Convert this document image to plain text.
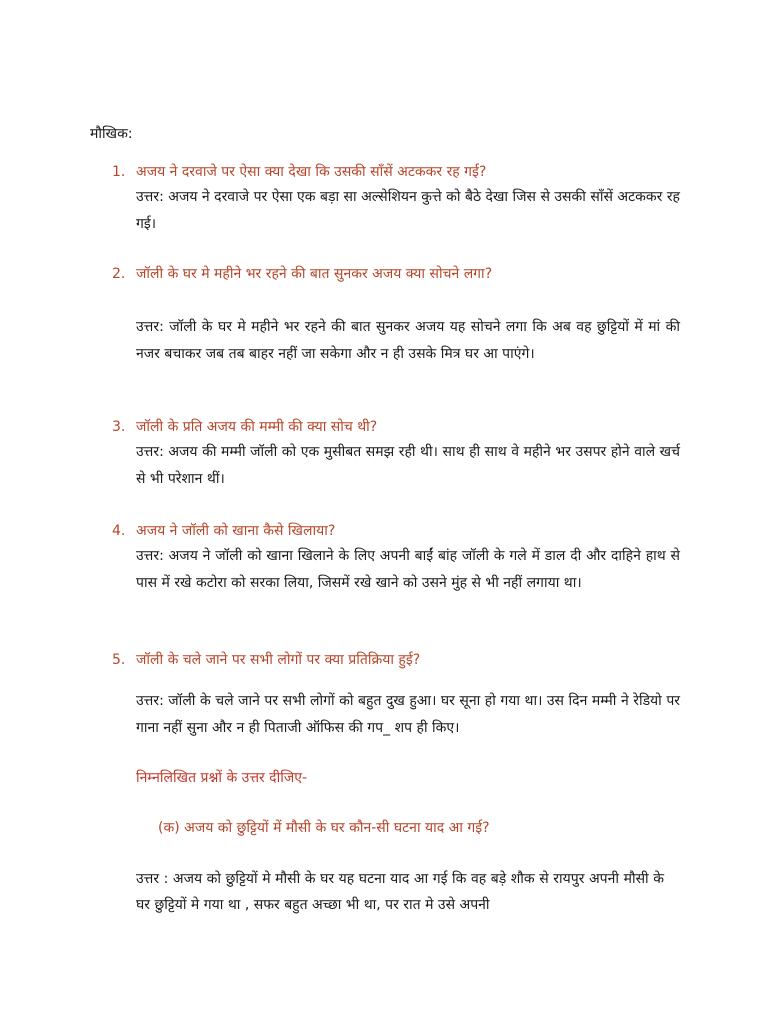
मौखिक:
1. अजय ने दरवाजे पर ऐसा क्या देखा कि उसकी साँसें अटककर रह गई?
उत्तर: अजय ने दरवाजे पर ऐसा एक बड़ा सा अल्सेशियन कुत्ते को बैठे देखा जिस से उसकी साँसें अटककर रह गई।
2. जॉली के घर मे महीने भर रहने की बात सुनकर अजय क्या सोचने लगा?
उत्तर: जॉली के घर मे महीने भर रहने की बात सुनकर अजय यह सोचने लगा कि अब वह छुट्टियों में मां की नजर बचाकर जब तब बाहर नहीं जा सकेगा और न ही उसके मित्र घर आ पाएंगे।
3. जॉली के प्रति अजय की मम्मी की क्या सोच थी?
उत्तर: अजय की मम्मी जॉली को एक मुसीबत समझ रही थी। साथ ही साथ वे महीने भर उसपर होने वाले खर्च से भी परेशान थीं।
4. अजय ने जॉली को खाना कैसे खिलाया?
उत्तर: अजय ने जॉली को खाना खिलाने के लिए अपनी बाईं बांह जॉली के गले में डाल दी और दाहिने हाथ से पास में रखे कटोरा को सरका लिया, जिसमें रखे खाने को उसने मुंह से भी नहीं लगाया था।
5. जॉली के चले जाने पर सभी लोगों पर क्या प्रतिक्रिया हुई?
उत्तर: जॉली के चले जाने पर सभी लोगों को बहुत दुख हुआ। घर सूना हो गया था। उस दिन मम्मी ने रेडियो पर गाना नहीं सुना और न ही पिताजी ऑफिस की गप_ शप ही किए।
निम्नलिखित प्रश्नों के उत्तर दीजिए-
(क) अजय को छुट्टियों में मौसी के घर कौन-सी घटना याद आ गई?
उत्तर : अजय को छुट्टियों मे मौसी के घर यह घटना याद आ गई कि वह बड़े शौक से रायपुर अपनी मौसी के घर छुट्टियों मे गया था , सफर बहुत अच्छा भी था, पर रात मे उसे अपनी
